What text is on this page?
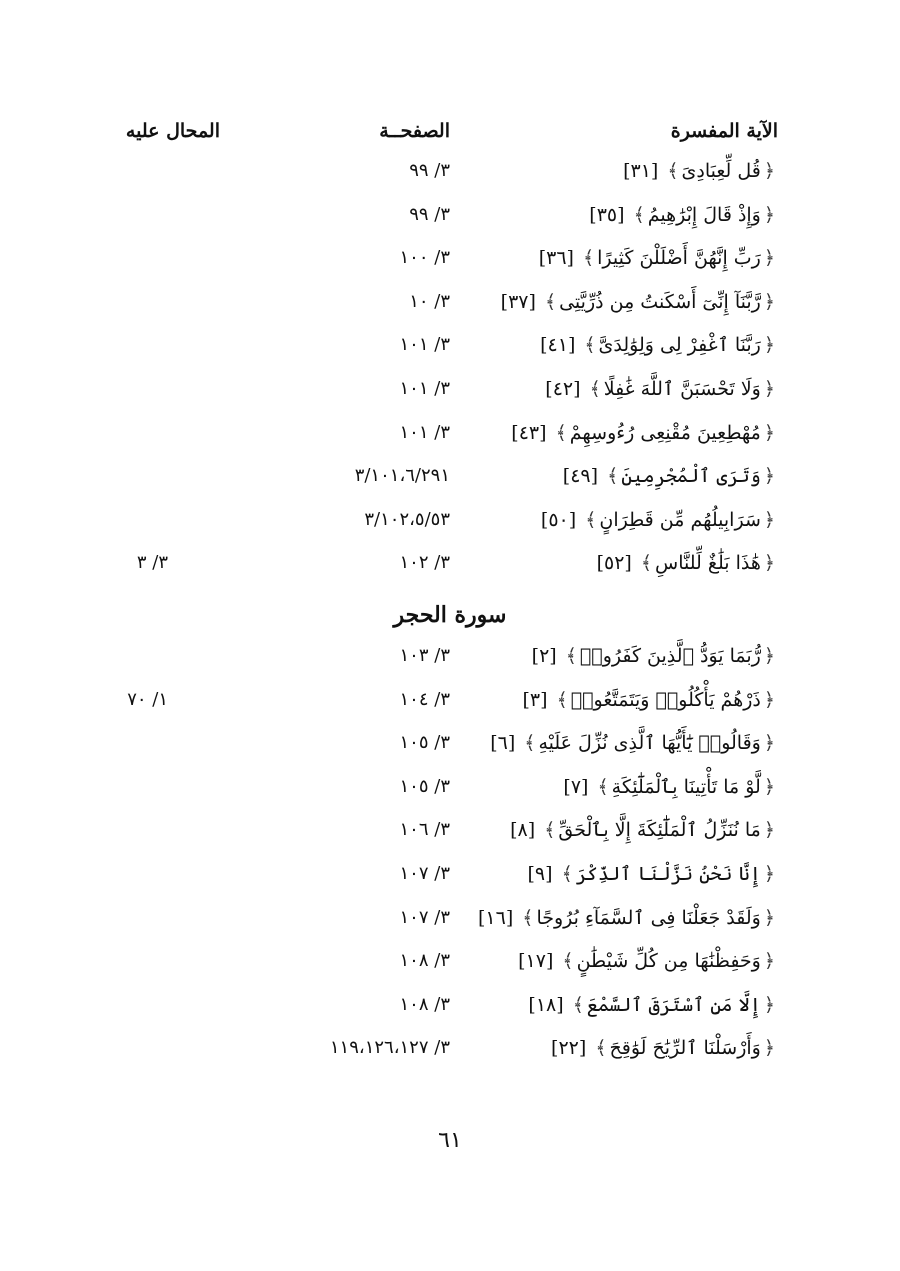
الآية المفسرة
الصفحــة
المحال عليه
﴿قُل لِّعِبَادِىَ﴾ [٣١]
٣/ ٩٩
﴿وَإِذْ قَالَ إِبْرَٰهِيمُ﴾ [٣٥]
٣/ ٩٩
﴿رَبِّ إِنَّهُنَّ أَضْلَلْنَ كَثِيرًا﴾ [٣٦]
٣/ ١٠٠
﴿رَّبَّنَآ إِنِّىٓ أَسْكَنتُ مِن ذُرِّيَّتِى﴾ [٣٧]
٣/ ١٠
﴿رَبَّنَا ٱغْفِرْ لِى وَلِوَٰلِدَىَّ﴾ [٤١]
٣/ ١٠١
﴿وَلَا تَحْسَبَنَّ ٱللَّهَ غَٰفِلًا﴾ [٤٢]
٣/ ١٠١
﴿مُهْطِعِينَ مُقْنِعِى رُءُوسِهِمْ﴾ [٤٣]
٣/ ١٠١
﴿وَتَرَى ٱلْمُجْرِمِينَ﴾ [٤٩]
٣/١٠١،٦/٢٩١
﴿سَرَابِيلُهُم مِّن قَطِرَانٍ﴾ [٥٠]
٣/١٠٢،٥/٥٣
﴿هَٰذَا بَلَٰغٌ لِّلنَّاسِ﴾ [٥٢]
٣/ ١٠٢
٣/ ٣
سورة الحجر
﴿رُّبَمَا يَوَدُّ ٱلَّذِينَ كَفَرُوا۟﴾ [٢]
٣/ ١٠٣
﴿ذَرْهُمْ يَأْكُلُوا۟ وَيَتَمَتَّعُوا۟﴾ [٣]
٣/ ١٠٤
١/ ٧٠
﴿وَقَالُوا۟ يَٰٓأَيُّهَا ٱلَّذِى نُزِّلَ عَلَيْهِ﴾ [٦]
٣/ ١٠٥
﴿لَّوْ مَا تَأْتِينَا بِٱلْمَلَٰٓئِكَةِ﴾ [٧]
٣/ ١٠٥
﴿مَا نُنَزِّلُ ٱلْمَلَٰٓئِكَةَ إِلَّا بِٱلْحَقِّ﴾ [٨]
٣/ ١٠٦
﴿إِنَّا نَحْنُ نَزَّلْنَا ٱلذِّكْرَ﴾ [٩]
٣/ ١٠٧
﴿وَلَقَدْ جَعَلْنَا فِى ٱلسَّمَآءِ بُرُوجًا﴾ [١٦]
٣/ ١٠٧
﴿وَحَفِظْنَٰهَا مِن كُلِّ شَيْطَٰنٍ﴾ [١٧]
٣/ ١٠٨
﴿إِلَّا مَنِ ٱسْتَرَقَ ٱلسَّمْعَ﴾ [١٨]
٣/ ١٠٨
﴿وَأَرْسَلْنَا ٱلرِّيَٰحَ لَوَٰقِحَ﴾ [٢٢]
٣/ ١١٩،١٢٦،١٢٧
٦١
